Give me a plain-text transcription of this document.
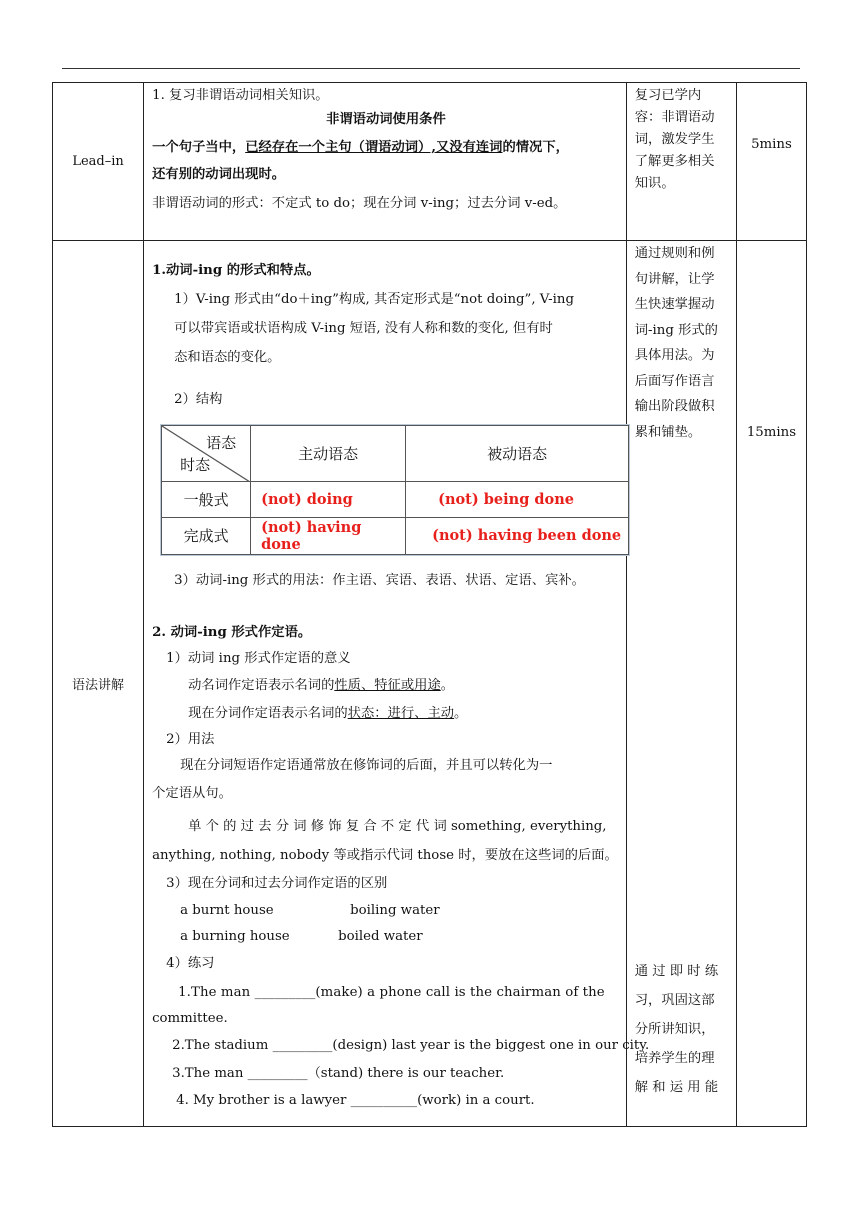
Lead–in	
1. 复习非谓语动词相关知识。
非谓语动词使用条件
一个句子当中，已经存在一个主句（谓语动词）,又没有连词的情况下，
还有别的动词出现时。
非谓语动词的形式：不定式 to do；现在分词 v-ing；过去分词 v-ed。

复习已学内
容：非谓语动
词，激发学生
了解更多相关
知识。

5mins

语法讲解	
1.动词-ing 的形式和特点。
1）V-ing 形式由“do＋ing”构成, 其否定形式是“not doing”, V-ing
可以带宾语或状语构成 V-ing 短语, 没有人称和数的变化, 但有时
态和语态的变化。
2）结构
语态
时态
	主动语态	被动语态
一般式	(not) doing	(not) being done
完成式	(not) having done	(not) having been done
3）动词-ing 形式的用法：作主语、宾语、表语、状语、定语、宾补。
2. 动词-ing 形式作定语。
1）动词 ing 形式作定语的意义
动名词作定语表示名词的性质、特征或用途。
现在分词作定语表示名词的状态：进行、主动。
2）用法
现在分词短语作定语通常放在修饰词的后面，并且可以转化为一
个定语从句。
单 个 的 过 去 分 词 修 饰 复 合 不 定 代 词 something, everything,
anything, nothing, nobody 等或指示代词 those 时，要放在这些词的后面。
3）现在分词和过去分词作定语的区别
a burnt house	boiling water
a burning house	boiled water
4）练习
1.The man _________(make) a phone call is the chairman of the
committee.
2.The stadium _________(design) last year is the biggest one in our city.
3.The man _________（stand) there is our teacher.
4. My brother is a lawyer __________(work) in a court.

通过规则和例
句讲解，让学
生快速掌握动
词-ing 形式的
具体用法。为
后面写作语言
输出阶段做积
累和铺垫。
通 过 即 时 练
习，巩固这部
分所讲知识，
培养学生的理
解 和 运 用 能

15mins
